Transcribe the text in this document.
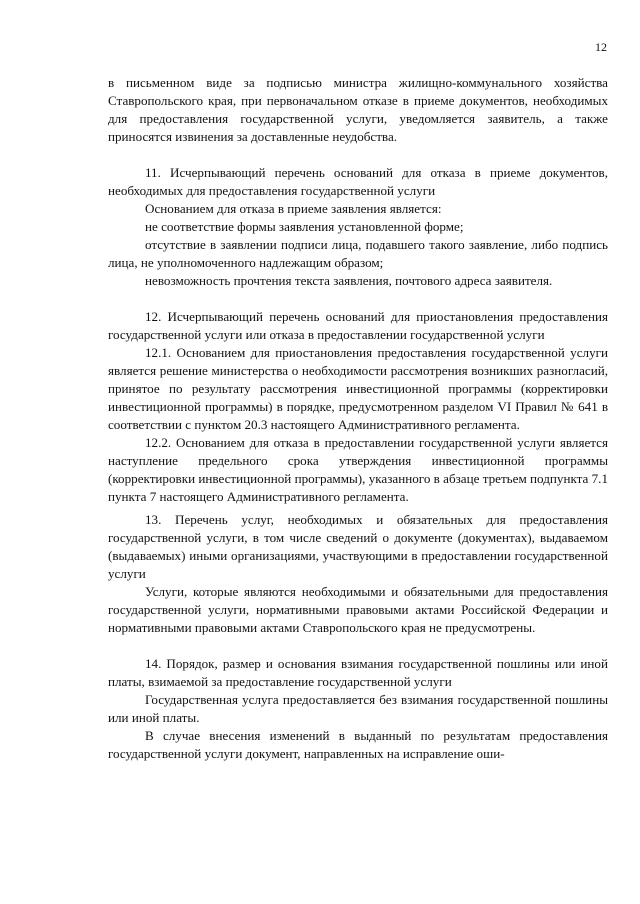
12

в письменном виде за подписью министра жилищно-коммунального хозяйства Ставропольского края, при первоначальном отказе в приеме документов, необходимых для предоставления государственной услуги, уведомляется заявитель, а также приносятся извинения за доставленные неудобства.

11. Исчерпывающий перечень оснований для отказа в приеме документов, необходимых для предоставления государственной услуги

Основанием для отказа в приеме заявления является:

не соответствие формы заявления установленной форме;

отсутствие в заявлении подписи лица, подавшего такого заявление, либо подпись лица, не уполномоченного надлежащим образом;

невозможность прочтения текста заявления, почтового адреса заявителя.

12. Исчерпывающий перечень оснований для приостановления предоставления государственной услуги или отказа в предоставлении государственной услуги

12.1. Основанием для приостановления предоставления государственной услуги является решение министерства о необходимости рассмотрения возникших разногласий, принятое по результату рассмотрения инвестиционной программы (корректировки инвестиционной программы) в порядке, предусмотренном разделом VI Правил № 641 в соответствии с пунктом 20.3 настоящего Административного регламента.

12.2. Основанием для отказа в предоставлении государственной услуги является наступление предельного срока утверждения инвестиционной программы (корректировки инвестиционной программы), указанного в абзаце третьем подпункта 7.1 пункта 7 настоящего Административного регламента.

13. Перечень услуг, необходимых и обязательных для предоставления государственной услуги, в том числе сведений о документе (документах), выдаваемом (выдаваемых) иными организациями, участвующими в предоставлении государственной услуги

Услуги, которые являются необходимыми и обязательными для предоставления государственной услуги, нормативными правовыми актами Российской Федерации и нормативными правовыми актами Ставропольского края не предусмотрены.

14. Порядок, размер и основания взимания государственной пошлины или иной платы, взимаемой за предоставление государственной услуги

Государственная услуга предоставляется без взимания государственной пошлины или иной платы.

В случае внесения изменений в выданный по результатам предоставления государственной услуги документ, направленных на исправление оши-
